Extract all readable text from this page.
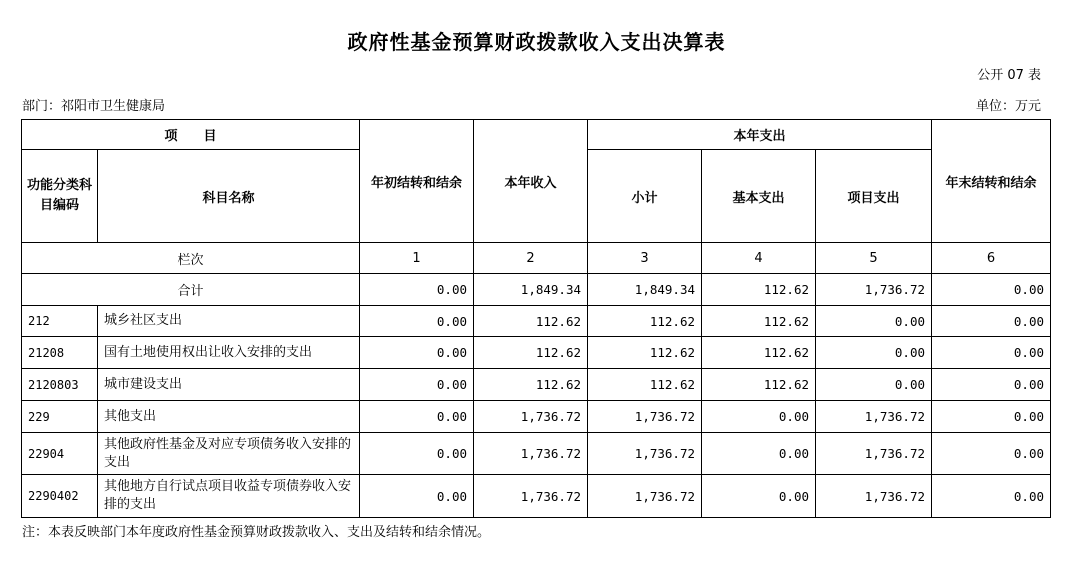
政府性基金预算财政拨款收入支出决算表
公开 07 表
部门：祁阳市卫生健康局	单位：万元
项　　目		年初结转和结余	本年收入	本年支出			年末结转和结余
功能分类科目编码	科目名称			小计	基本支出	项目支出	
栏次		1	2	3	4	5	6
合计		0.00	1,849.34	1,849.34	112.62	1,736.72	0.00
212	城乡社区支出	0.00	112.62	112.62	112.62	0.00	0.00
21208	国有土地使用权出让收入安排的支出	0.00	112.62	112.62	112.62	0.00	0.00
2120803	城市建设支出	0.00	112.62	112.62	112.62	0.00	0.00
229	其他支出	0.00	1,736.72	1,736.72	0.00	1,736.72	0.00
22904	其他政府性基金及对应专项债务收入安排的支出	0.00	1,736.72	1,736.72	0.00	1,736.72	0.00
2290402	其他地方自行试点项目收益专项债券收入安排的支出	0.00	1,736.72	1,736.72	0.00	1,736.72	0.00
注：本表反映部门本年度政府性基金预算财政拨款收入、支出及结转和结余情况。
